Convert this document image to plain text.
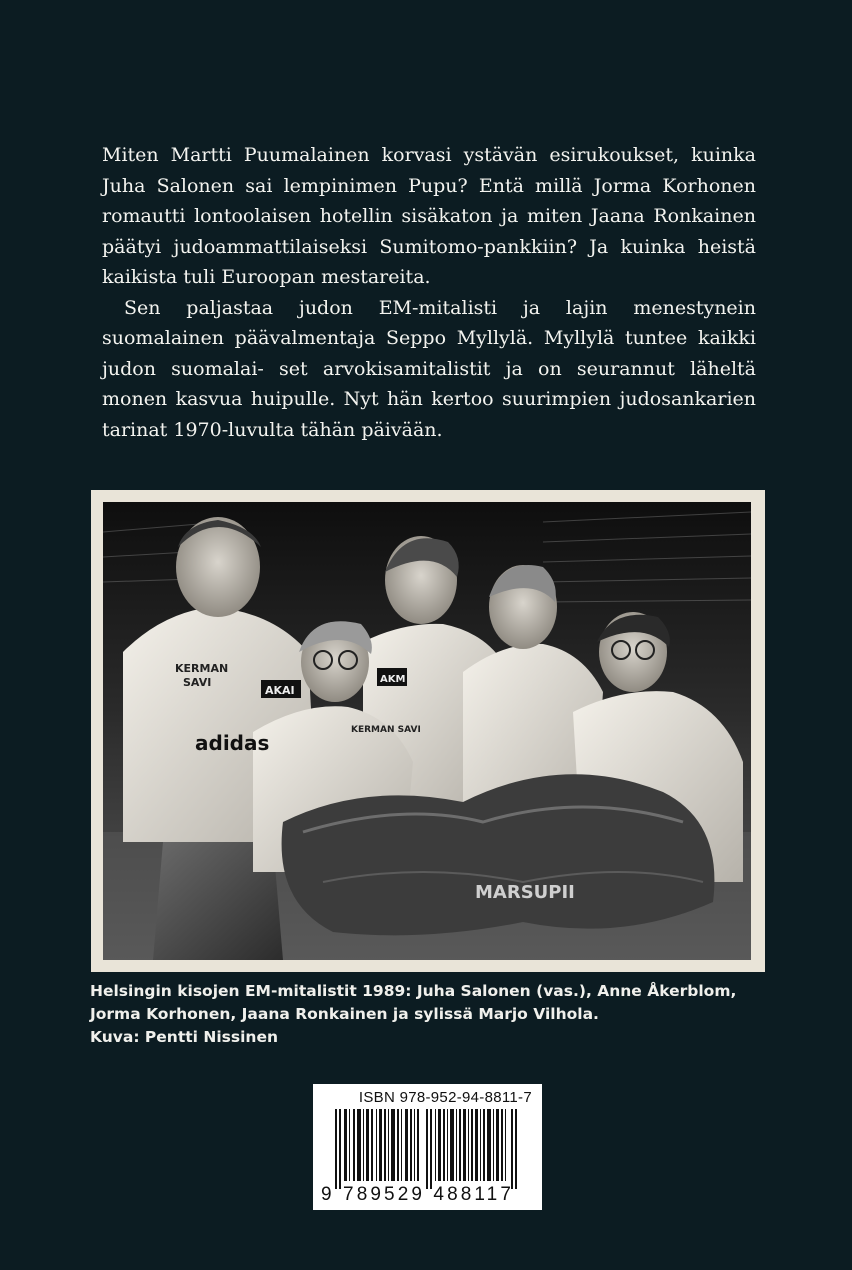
Miten Martti Puumalainen korvasi ystävän esirukoukset, kuinka Juha Salonen sai lempinimen Pupu? Entä millä Jorma Korhonen romautti lontoolaisen hotellin sisäkaton ja miten Jaana Ronkainen päätyi judoammattilaiseksi Sumitomo-pankkiin? Ja kuinka heistä kaikista tuli Euroopan mestareita.

Sen paljastaa judon EM-mitalisti ja lajin menestynein suomalainen päävalmentaja Seppo Myllylä. Myllylä tuntee kaikki judon suomalai- set arvokisamitalistit ja on seurannut läheltä monen kasvua huipulle. Nyt hän kertoo suurimpien judosankarien tarinat 1970-luvulta tähän päivään.

KERMAN
SAVI
adidas
AKAI
AKM
KERMAN SAVI
MARSUPII
Helsingin kisojen EM-mitalistit 1989: Juha Salonen (vas.), Anne Åkerblom,
Jorma Korhonen, Jaana Ronkainen ja sylissä Marjo Vilhola.
Kuva: Pentti Nissinen
ISBN 978-952-94-8811-7
9 789529 488117
